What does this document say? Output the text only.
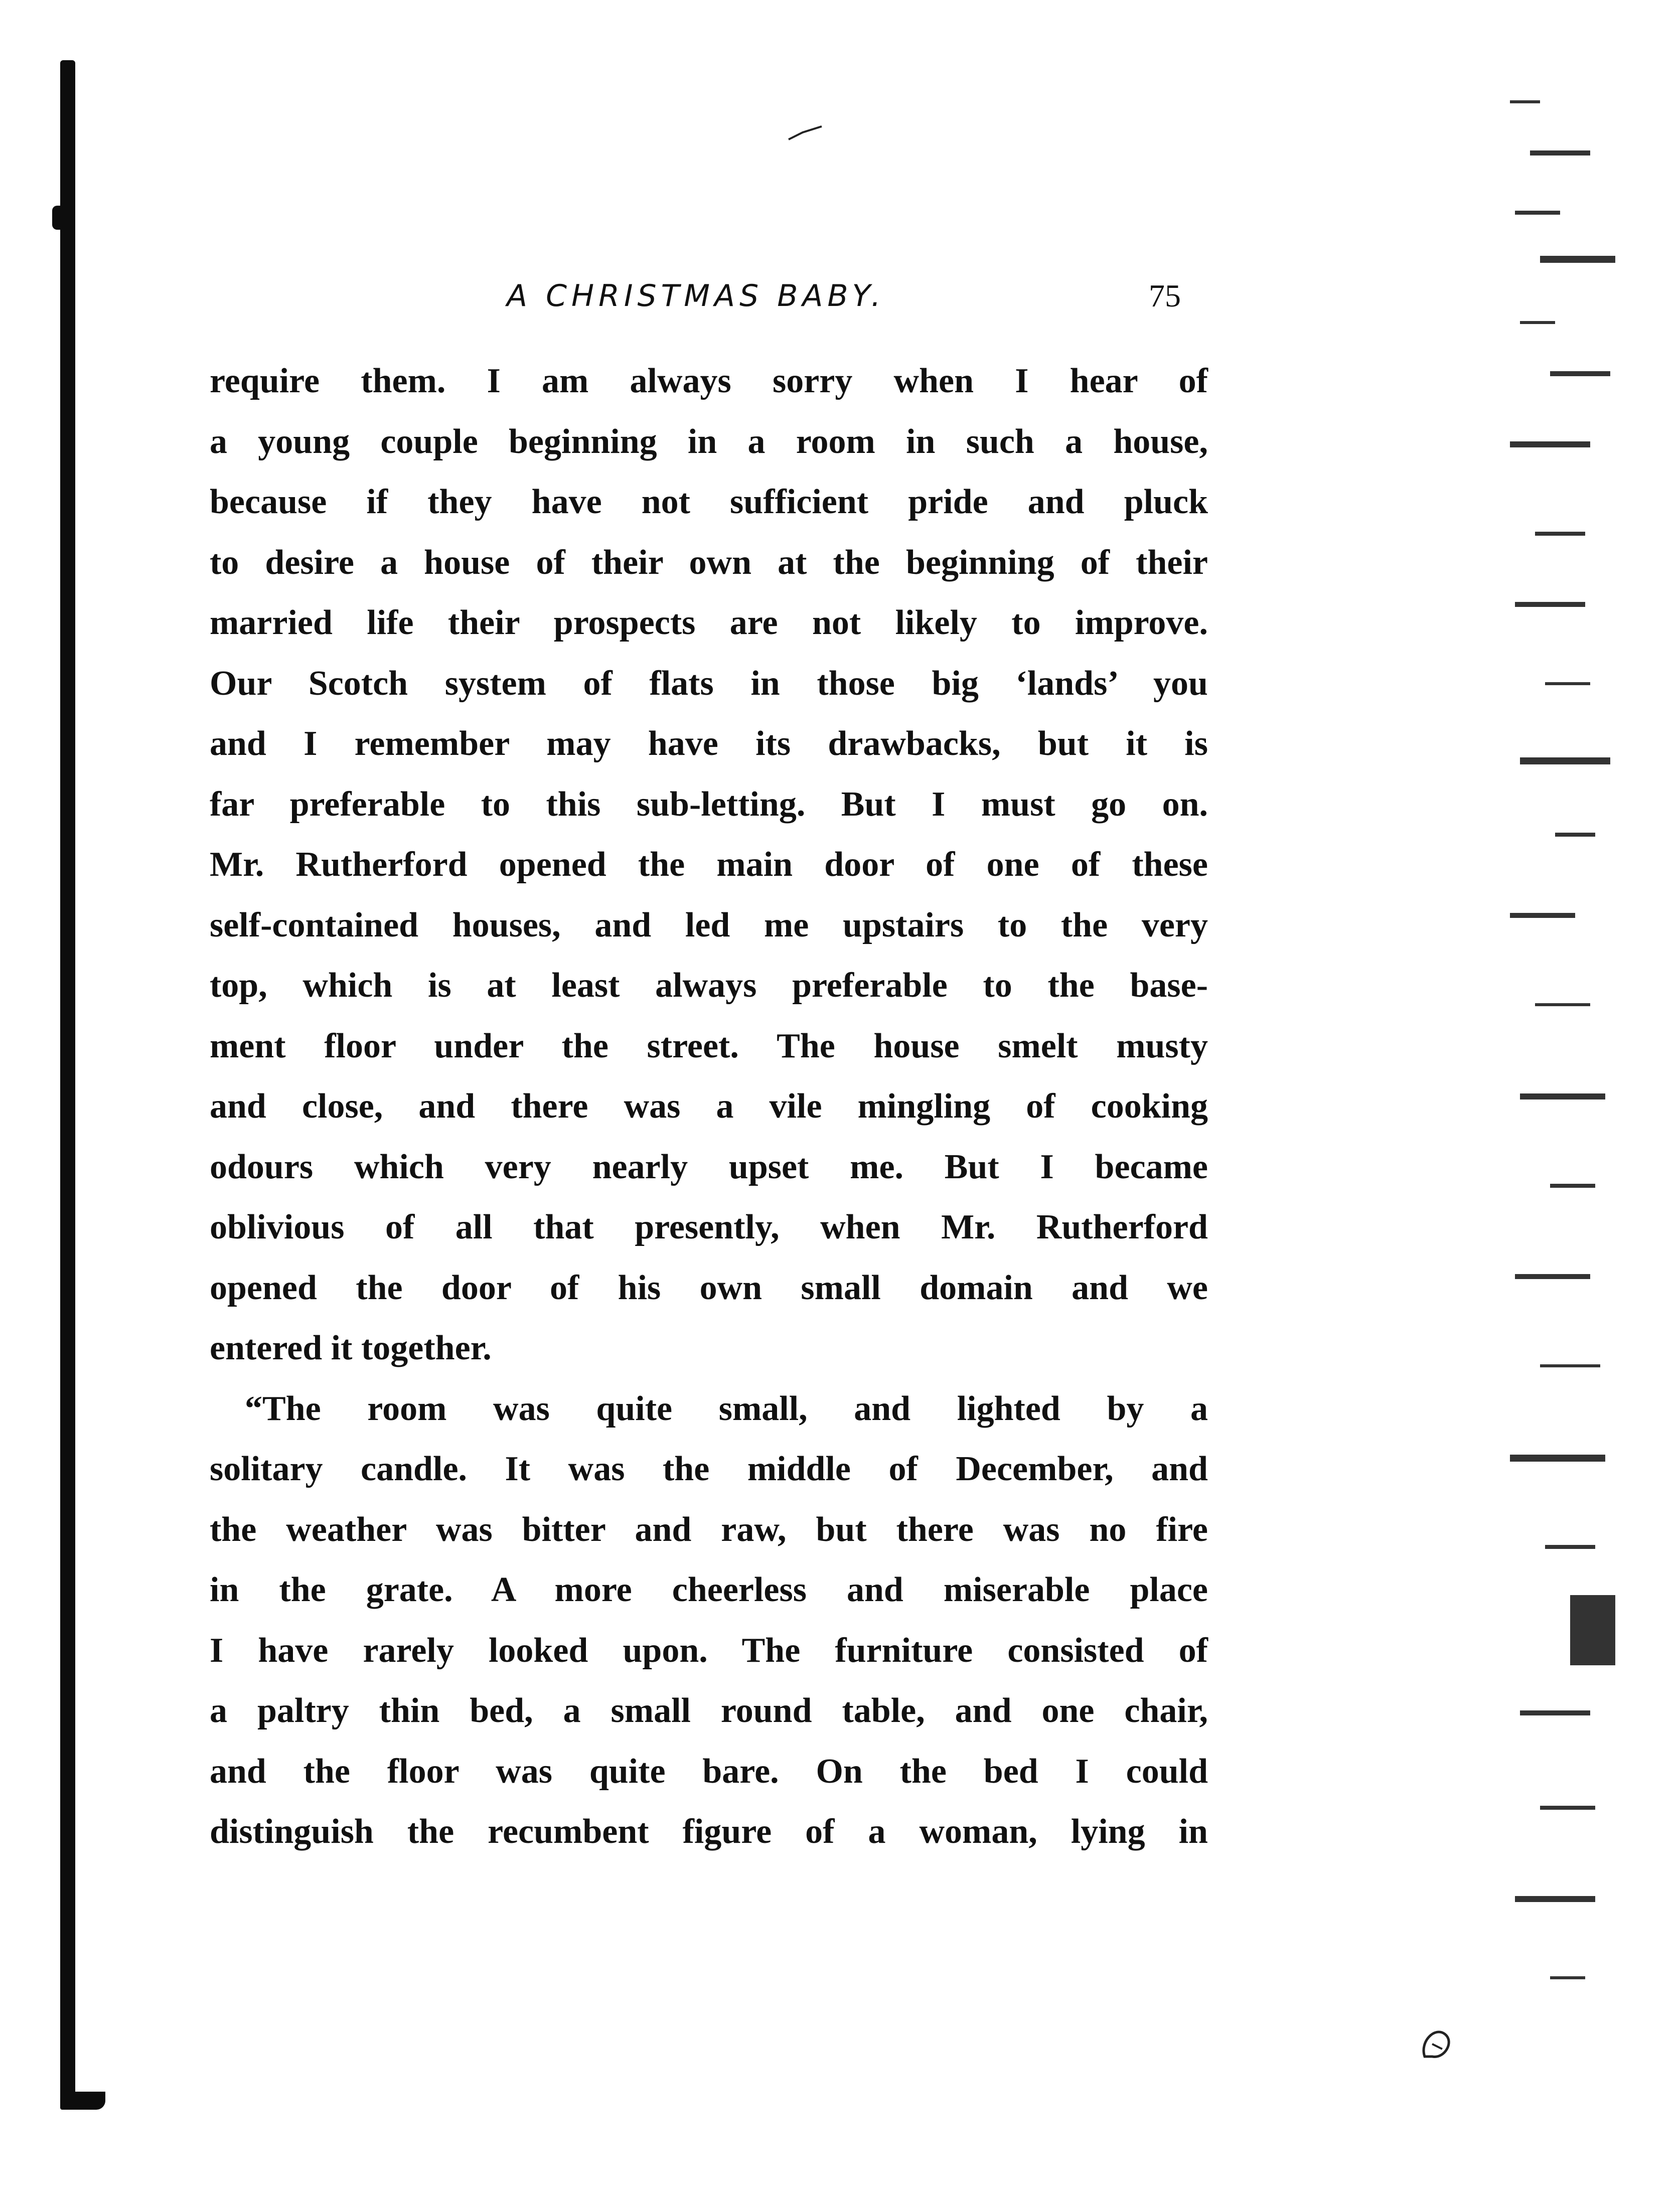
A CHRISTMAS BABY.	75
require them. I am always sorry when I hear of
a young couple beginning in a room in such a house,
because if they have not sufficient pride and pluck
to desire a house of their own at the beginning of their
married life their prospects are not likely to improve.
Our Scotch system of flats in those big ‘lands’ you
and I remember may have its drawbacks, but it is
far preferable to this sub-letting. But I must go on.
Mr. Rutherford opened the main door of one of these
self-contained houses, and led me upstairs to the very
top, which is at least always preferable to the base-
ment floor under the street. The house smelt musty
and close, and there was a vile mingling of cooking
odours which very nearly upset me. But I became
oblivious of all that presently, when Mr. Rutherford
opened the door of his own small domain and we
entered it together.
“The room was quite small, and lighted by a
solitary candle. It was the middle of December, and
the weather was bitter and raw, but there was no fire
in the grate. A more cheerless and miserable place
I have rarely looked upon. The furniture consisted of
a paltry thin bed, a small round table, and one chair,
and the floor was quite bare. On the bed I could
distinguish the recumbent figure of a woman, lying in
